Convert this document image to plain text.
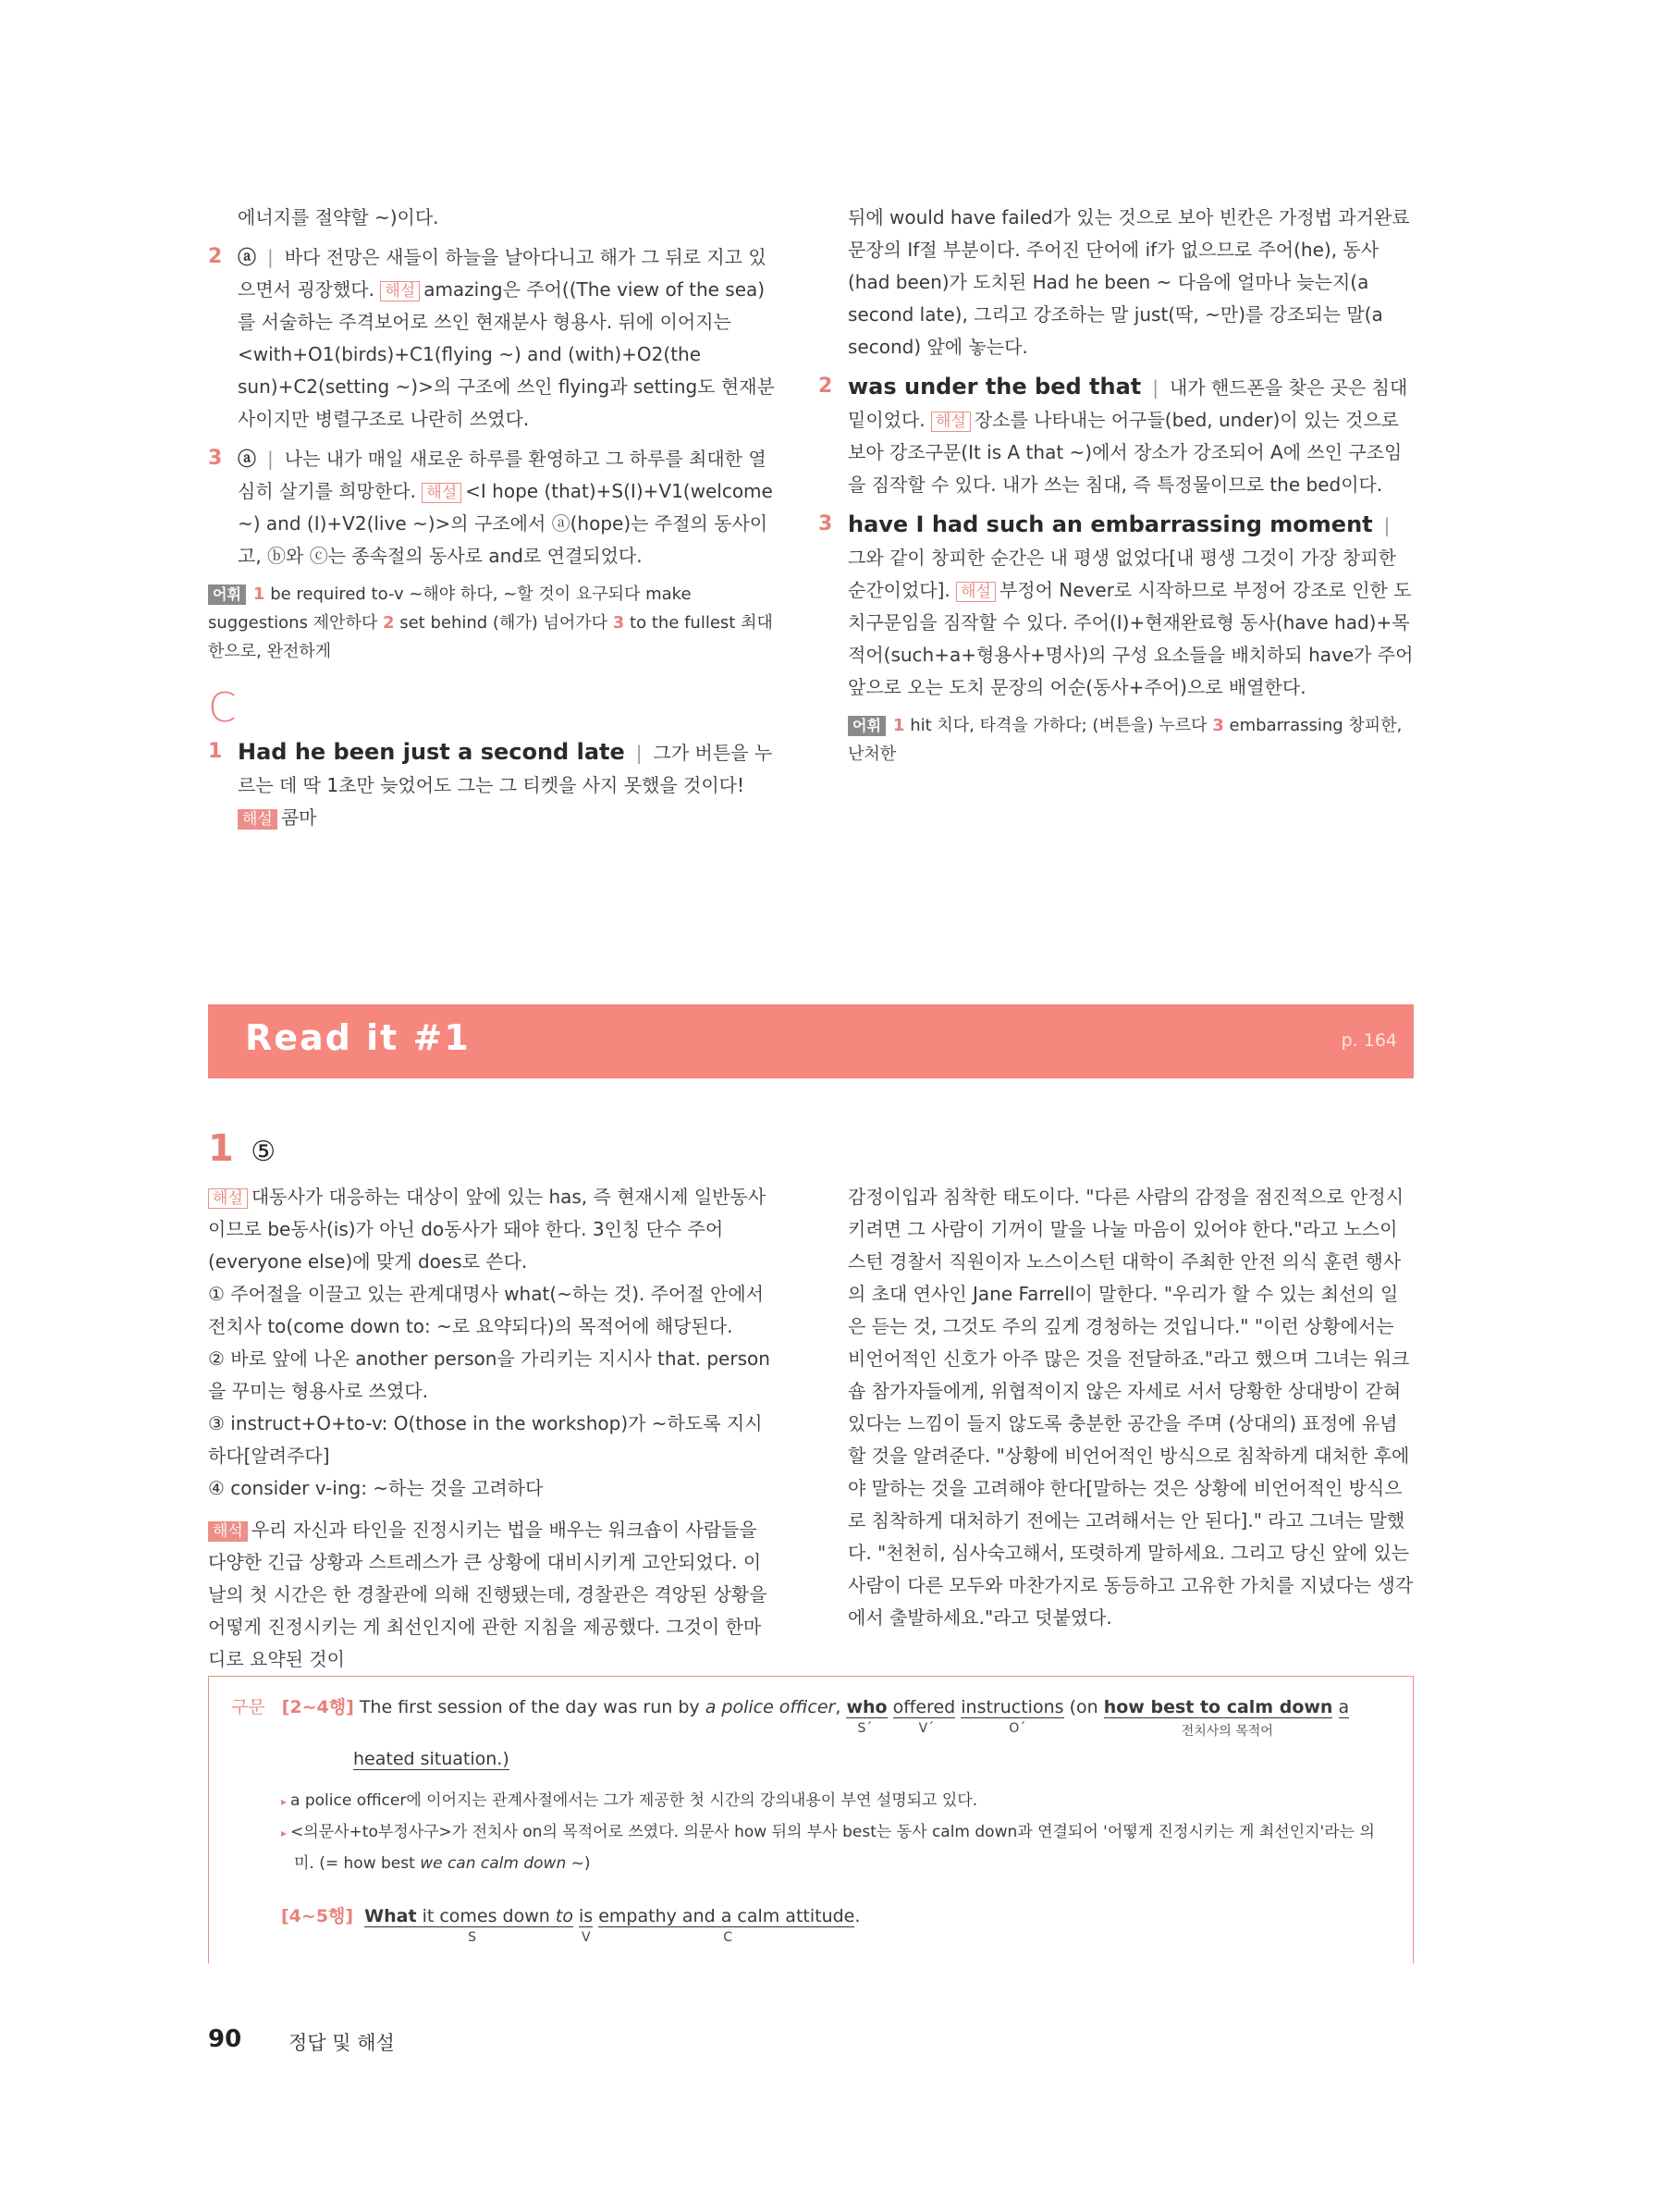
에너지를 절약할 ~)이다.

2 ⓐ | 바다 전망은 새들이 하늘을 날아다니고 해가 그 뒤로 지고 있으면서 굉장했다. 해설 amazing은 주어((The view of the sea)를 서술하는 주격보어로 쓰인 현재분사 형용사. 뒤에 이어지는 <with+O1(birds)+C1(flying ~) and (with)+O2(the sun)+C2(setting ~)>의 구조에 쓰인 flying과 setting도 현재분사이지만 병렬구조로 나란히 쓰였다.

3 ⓐ | 나는 내가 매일 새로운 하루를 환영하고 그 하루를 최대한 열심히 살기를 희망한다. 해설 <I hope (that)+S(I)+V1(welcome ~) and (I)+V2(live ~)>의 구조에서 ⓐ(hope)는 주절의 동사이고, ⓑ와 ⓒ는 종속절의 동사로 and로 연결되었다.

어휘 1 be required to-v ~해야 하다, ~할 것이 요구되다 make suggestions 제안하다 2 set behind (해가) 넘어가다 3 to the fullest 최대한으로, 완전하게

C
1 Had he been just a second late | 그가 버튼을 누르는 데 딱 1초만 늦었어도 그는 그 티켓을 사지 못했을 것이다! 해설 콤마

뒤에 would have failed가 있는 것으로 보아 빈칸은 가정법 과거완료 문장의 If절 부분이다. 주어진 단어에 if가 없으므로 주어(he), 동사(had been)가 도치된 Had he been ~ 다음에 얼마나 늦는지(a second late), 그리고 강조하는 말 just(딱, ~만)를 강조되는 말(a second) 앞에 놓는다.

2 was under the bed that | 내가 핸드폰을 찾은 곳은 침대 밑이었다. 해설 장소를 나타내는 어구들(bed, under)이 있는 것으로 보아 강조구문(It is A that ~)에서 장소가 강조되어 A에 쓰인 구조임을 짐작할 수 있다. 내가 쓰는 침대, 즉 특정물이므로 the bed이다.

3 have I had such an embarrassing moment |그와 같이 창피한 순간은 내 평생 없었다[내 평생 그것이 가장 창피한 순간이었다]. 해설 부정어 Never로 시작하므로 부정어 강조로 인한 도치구문임을 짐작할 수 있다. 주어(I)+현재완료형 동사(have had)+목적어(such+a+형용사+명사)의 구성 요소들을 배치하되 have가 주어 앞으로 오는 도치 문장의 어순(동사+주어)으로 배열한다.

어휘 1 hit 치다, 타격을 가하다; (버튼을) 누르다 3 embarrassing 창피한, 난처한

Read it #1	p. 164
1 ⑤

해설 대동사가 대응하는 대상이 앞에 있는 has, 즉 현재시제 일반동사이므로 be동사(is)가 아닌 do동사가 돼야 한다. 3인칭 단수 주어(everyone else)에 맞게 does로 쓴다.

① 주어절을 이끌고 있는 관계대명사 what(~하는 것). 주어절 안에서 전치사 to(come down to: ~로 요약되다)의 목적어에 해당된다.

② 바로 앞에 나온 another person을 가리키는 지시사 that. person을 꾸미는 형용사로 쓰였다.

③ instruct+O+to-v: O(those in the workshop)가 ~하도록 지시하다[알려주다]

④ consider v-ing: ~하는 것을 고려하다

해석 우리 자신과 타인을 진정시키는 법을 배우는 워크숍이 사람들을 다양한 긴급 상황과 스트레스가 큰 상황에 대비시키게 고안되었다. 이날의 첫 시간은 한 경찰관에 의해 진행됐는데, 경찰관은 격앙된 상황을 어떻게 진정시키는 게 최선인지에 관한 지침을 제공했다. 그것이 한마디로 요약된 것이

감정이입과 침착한 태도이다. "다른 사람의 감정을 점진적으로 안정시키려면 그 사람이 기꺼이 말을 나눌 마음이 있어야 한다."라고 노스이스턴 경찰서 직원이자 노스이스턴 대학이 주최한 안전 의식 훈련 행사의 초대 연사인 Jane Farrell이 말한다. "우리가 할 수 있는 최선의 일은 듣는 것, 그것도 주의 깊게 경청하는 것입니다." "이런 상황에서는 비언어적인 신호가 아주 많은 것을 전달하죠."라고 했으며 그녀는 워크숍 참가자들에게, 위협적이지 않은 자세로 서서 당황한 상대방이 갇혀 있다는 느낌이 들지 않도록 충분한 공간을 주며 (상대의) 표정에 유념할 것을 알려준다. "상황에 비언어적인 방식으로 침착하게 대처한 후에야 말하는 것을 고려해야 한다[말하는 것은 상황에 비언어적인 방식으로 침착하게 대처하기 전에는 고려해서는 안 된다]." 라고 그녀는 말했다. "천천히, 심사숙고해서, 또렷하게 말하세요. 그리고 당신 앞에 있는 사람이 다른 모두와 마찬가지로 동등하고 고유한 가치를 지녔다는 생각에서 출발하세요."라고 덧붙였다.

구문 [2~4행] The first session of the day was run by a police officer, who
S´
offered
V´
instructions
O´
(on how best to calm down
전치사의 목적어
a
heated situation.)
▸ a police officer에 이어지는 관계사절에서는 그가 제공한 첫 시간의 강의내용이 부연 설명되고 있다.
▸ <의문사+to부정사구>가 전치사 on의 목적어로 쓰였다. 의문사 how 뒤의 부사 best는 동사 calm down과 연결되어 '어떻게 진정시키는 게 최선인지'라는 의미. (= how best we can calm down ~)
[4~5행] What it comes down to
S
is
V
empathy and a calm attitude
C
.
90 정답 및 해설
